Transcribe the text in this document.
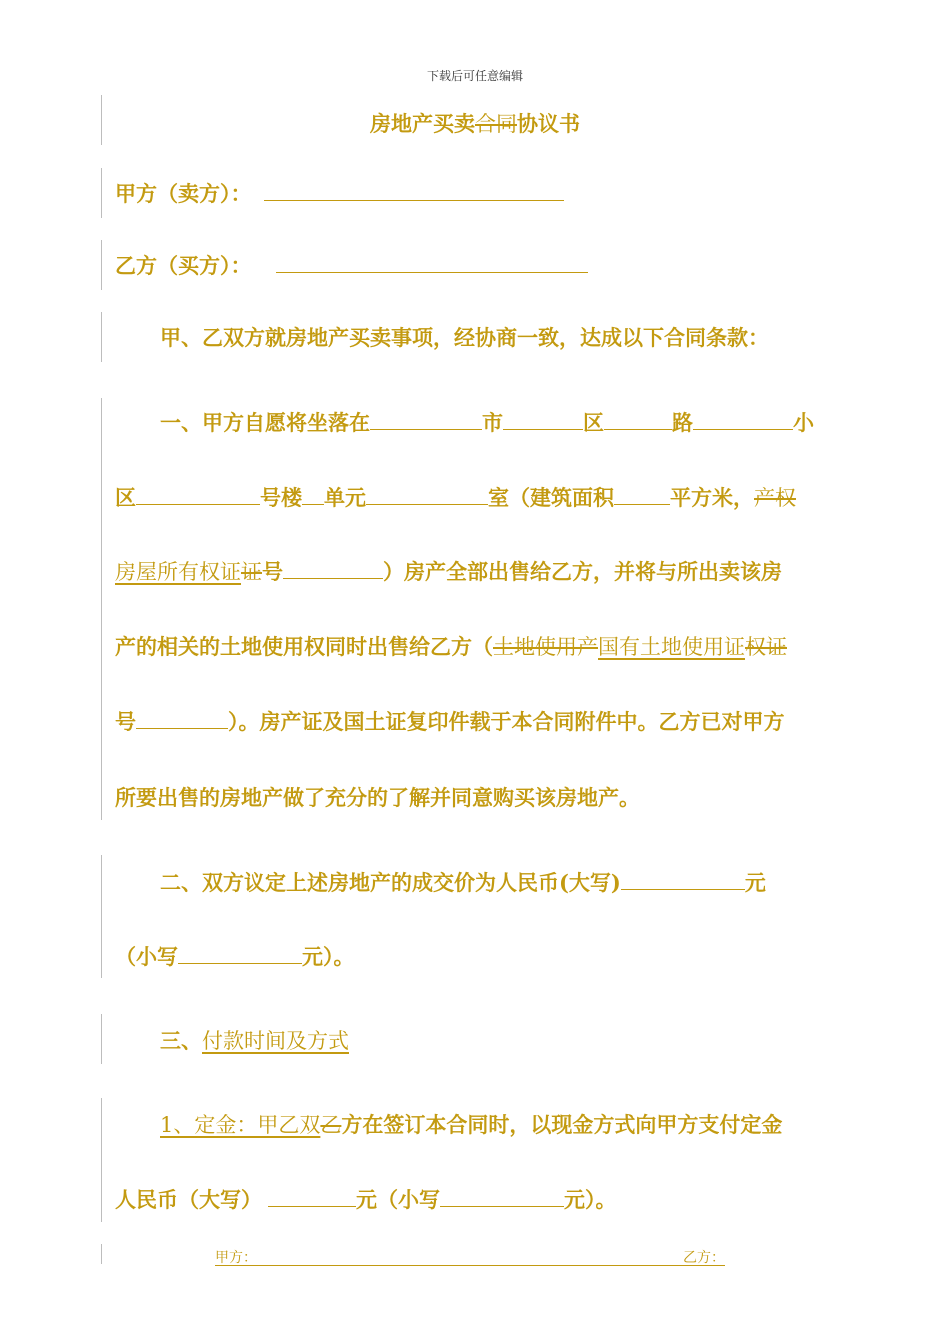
下载后可任意编辑
房地产买卖合同协议书
甲方（卖方）：
乙方（买方）：
甲、乙双方就房地产买卖事项，经协商一致，达成以下合同条款：
一、甲方自愿将坐落在	市	区	路	小
区	号楼 单元	室（建筑面积	平方米，产权
房屋所有权证证号	）房产全部出售给乙方，并将与所出卖该房
产的相关的土地使用权同时出售给乙方（土地使用产国有土地使用证权证
号	）。房产证及国土证复印件载于本合同附件中。乙方已对甲方
所要出售的房地产做了充分的了解并同意购买该房地产。
二、双方议定上述房地产的成交价为人民币(大写)	元
（小写	元）。
三、付款时间及方式
1、定金：甲乙双乙方在签订本合同时，以现金方式向甲方支付定金
人民币（大写）	元（小写	元）。
甲方：	乙方：
